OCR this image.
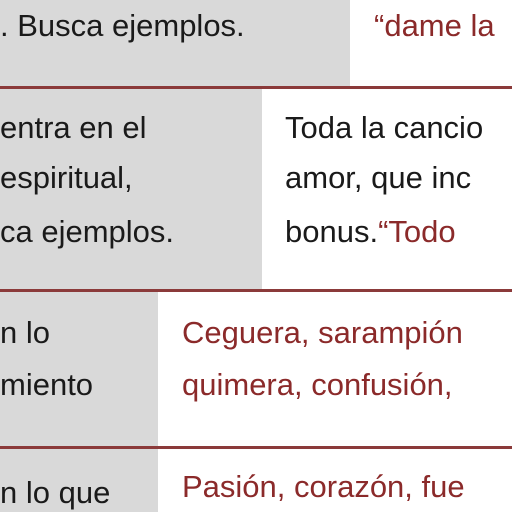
. Busca ejemplos.	“dame la
entra en el
espiritual,
ca ejemplos.
Toda la cancio
amor, que inc
bonus.“Todo
n lo
miento
Ceguera, sarampión
quimera, confusión,
n lo que Pasión, corazón, fue
